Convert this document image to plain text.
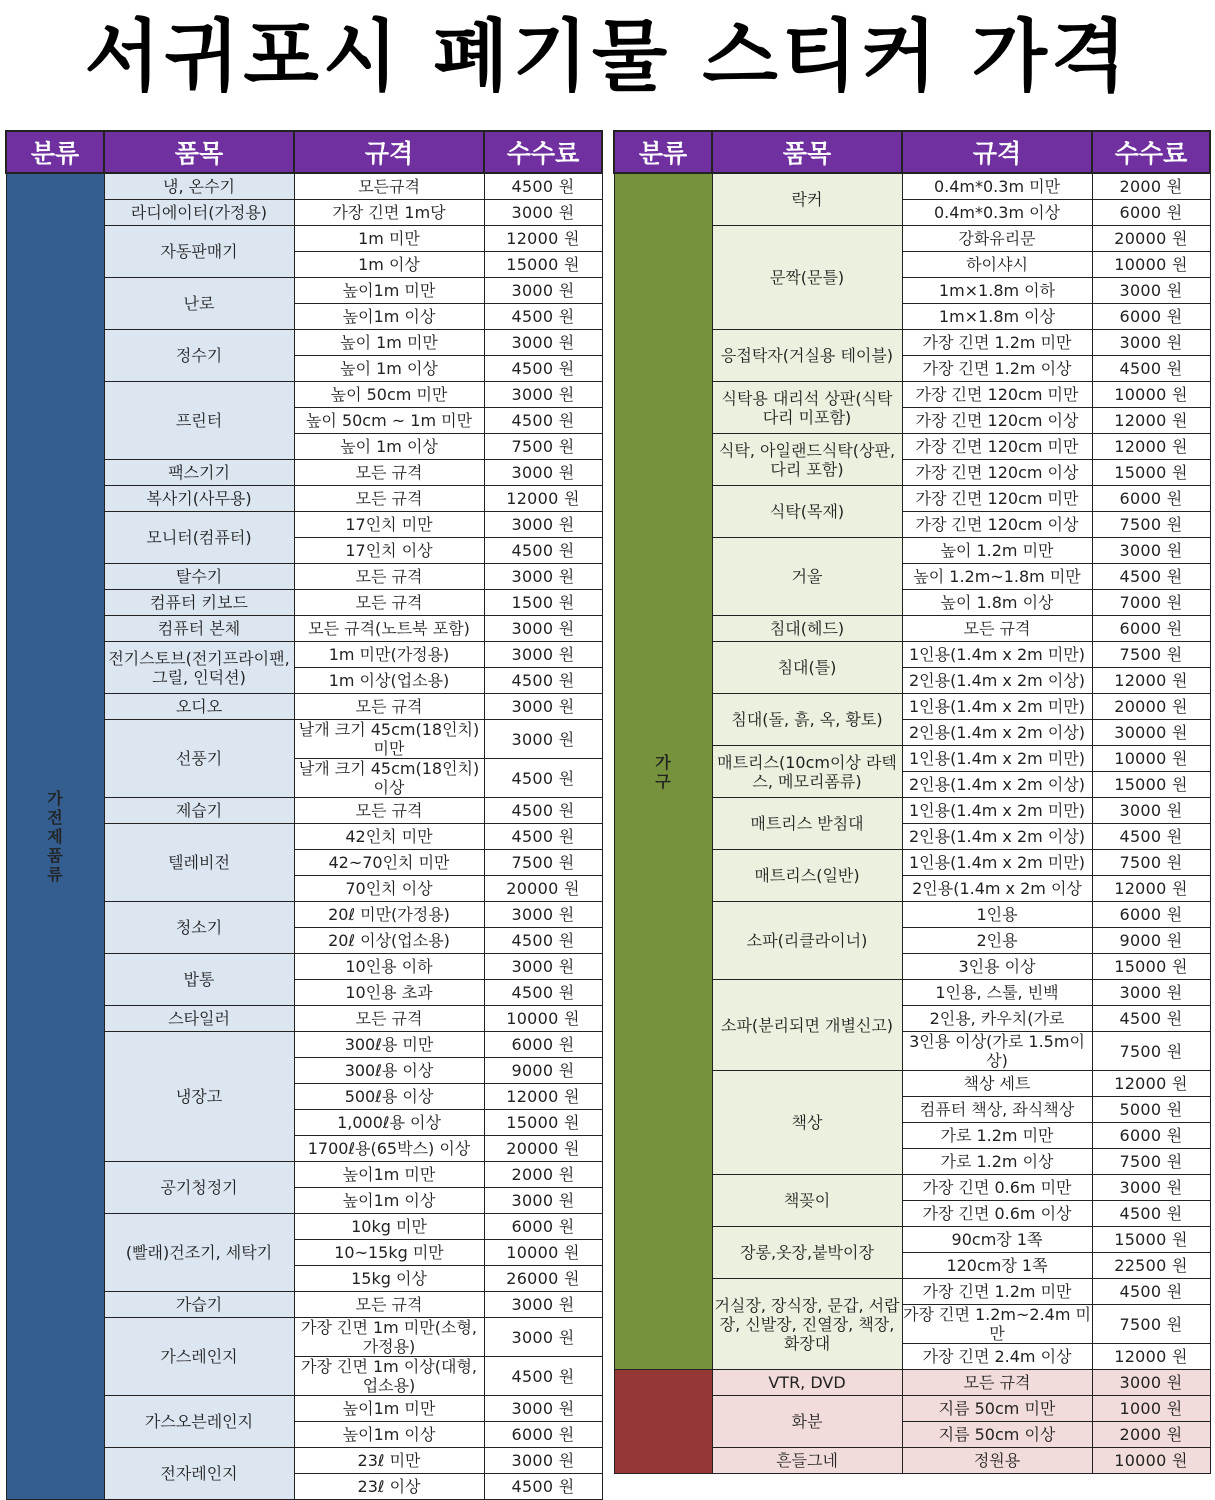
서귀포시 폐기물 스티커 가격
분류	품목	규격	수수료
가전제품류	냉, 온수기	모든규격	4500 원
	라디에이터(가정용)	가장 긴면 1m당	3000 원
	자동판매기	1m 미만	12000 원
		1m 이상	15000 원
	난로	높이1m 미만	3000 원
		높이1m 이상	4500 원
	정수기	높이 1m 미만	3000 원
		높이 1m 이상	4500 원
	프린터	높이 50cm 미만	3000 원
		높이 50cm ~ 1m 미만	4500 원
		높이 1m 이상	7500 원
	팩스기기	모든 규격	3000 원
	복사기(사무용)	모든 규격	12000 원
	모니터(컴퓨터)	17인치 미만	3000 원
		17인치 이상	4500 원
	탈수기	모든 규격	3000 원
	컴퓨터 키보드	모든 규격	1500 원
	컴퓨터 본체	모든 규격(노트북 포함)	3000 원
	전기스토브(전기프라이팬, 그릴, 인덕션)	1m 미만(가정용)	3000 원
		1m 이상(업소용)	4500 원
	오디오	모든 규격	3000 원
	선풍기	날개 크기 45cm(18인치)미만	3000 원
		날개 크기 45cm(18인치)이상	4500 원
	제습기	모든 규격	4500 원
	텔레비전	42인치 미만	4500 원
		42~70인치 미만	7500 원
		70인치 이상	20000 원
	청소기	20ℓ 미만(가정용)	3000 원
		20ℓ 이상(업소용)	4500 원
	밥통	10인용 이하	3000 원
		10인용 초과	4500 원
	스타일러	모든 규격	10000 원
	냉장고	300ℓ용 미만	6000 원
		300ℓ용 이상	9000 원
		500ℓ용 이상	12000 원
		1,000ℓ용 이상	15000 원
		1700ℓ용(65박스) 이상	20000 원
	공기청정기	높이1m 미만	2000 원
		높이1m 이상	3000 원
	(빨래)건조기, 세탁기	10kg 미만	6000 원
		10~15kg 미만	10000 원
		15kg 이상	26000 원
	가습기	모든 규격	3000 원
	가스레인지	가장 긴면 1m 미만(소형, 가정용)	3000 원
		가장 긴면 1m 이상(대형, 업소용)	4500 원
	가스오븐레인지	높이1m 미만	3000 원
		높이1m 이상	6000 원
	전자레인지	23ℓ 미만	3000 원
		23ℓ 이상	4500 원
분류	품목	규격	수수료
가구	락커	0.4m*0.3m 미만	2000 원
		0.4m*0.3m 이상	6000 원
	문짝(문틀)	강화유리문	20000 원
		하이샤시	10000 원
		1m×1.8m 이하	3000 원
		1m×1.8m 이상	6000 원
	응접탁자(거실용 테이블)	가장 긴면 1.2m 미만	3000 원
		가장 긴면 1.2m 이상	4500 원
	식탁용 대리석 상판(식탁 다리 미포함)	가장 긴면 120cm 미만	10000 원
		가장 긴면 120cm 이상	12000 원
	식탁, 아일랜드식탁(상판, 다리 포함)	가장 긴면 120cm 미만	12000 원
		가장 긴면 120cm 이상	15000 원
	식탁(목재)	가장 긴면 120cm 미만	6000 원
		가장 긴면 120cm 이상	7500 원
	거울	높이 1.2m 미만	3000 원
		높이 1.2m~1.8m 미만	4500 원
		높이 1.8m 이상	7000 원
	침대(헤드)	모든 규격	6000 원
	침대(틀)	1인용(1.4m x 2m 미만)	7500 원
		2인용(1.4m x 2m 이상)	12000 원
	침대(돌, 흙, 옥, 황토)	1인용(1.4m x 2m 미만)	20000 원
		2인용(1.4m x 2m 이상)	30000 원
	매트리스(10cm이상 라텍스, 메모리폼류)	1인용(1.4m x 2m 미만)	10000 원
		2인용(1.4m x 2m 이상)	15000 원
	매트리스 받침대	1인용(1.4m x 2m 미만)	3000 원
		2인용(1.4m x 2m 이상)	4500 원
	매트리스(일반)	1인용(1.4m x 2m 미만)	7500 원
		2인용(1.4m x 2m 이상	12000 원
	소파(리클라이너)	1인용	6000 원
		2인용	9000 원
		3인용 이상	15000 원
	소파(분리되면 개별신고)	1인용, 스툴, 빈백	3000 원
		2인용, 카우치(가로	4500 원
		3인용 이상(가로 1.5m이상)	7500 원
	책상	책상 세트	12000 원
		컴퓨터 책상, 좌식책상	5000 원
		가로 1.2m 미만	6000 원
		가로 1.2m 이상	7500 원
	책꽂이	가장 긴면 0.6m 미만	3000 원
		가장 긴면 0.6m 이상	4500 원
	장롱,옷장,붙박이장	90cm장 1쪽	15000 원
		120cm장 1쪽	22500 원
	거실장, 장식장, 문갑, 서랍장, 신발장, 진열장, 책장, 화장대	가장 긴면 1.2m 미만	4500 원
		가장 긴면 1.2m~2.4m 미만	7500 원
		가장 긴면 2.4m 이상	12000 원
	VTR, DVD	모든 규격	3000 원
	화분	지름 50cm 미만	1000 원
		지름 50cm 이상	2000 원
	흔들그네	정원용	10000 원
